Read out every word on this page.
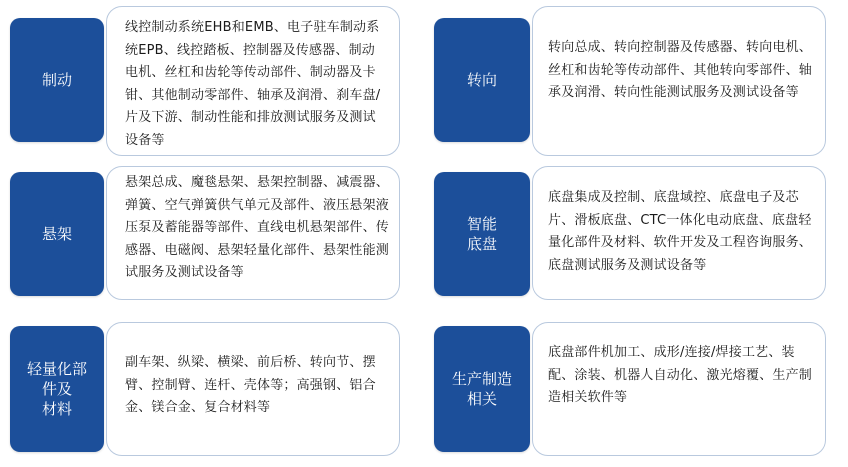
制动
线控制动系统EHB和EMB、电子驻车制动系统EPB、线控踏板、控制器及传感器、制动电机、丝杠和齿轮等传动部件、制动器及卡钳、其他制动零部件、轴承及润滑、刹车盘/片及下游、制动性能和排放测试服务及测试设备等
转向
转向总成、转向控制器及传感器、转向电机、丝杠和齿轮等传动部件、其他转向零部件、轴承及润滑、转向性能测试服务及测试设备等
悬架
悬架总成、魔毯悬架、悬架控制器、减震器、弹簧、空气弹簧供气单元及部件、液压悬架液压泵及蓄能器等部件、直线电机悬架部件、传感器、电磁阀、悬架轻量化部件、悬架性能测试服务及测试设备等
智能
底盘
底盘集成及控制、底盘域控、底盘电子及芯片、滑板底盘、CTC一体化电动底盘、底盘轻量化部件及材料、软件开发及工程咨询服务、底盘测试服务及测试设备等
轻量化部
件及
材料
副车架、纵梁、横梁、前后桥、转向节、摆臂、控制臂、连杆、壳体等；高强钢、铝合金、镁合金、复合材料等
生产制造
相关
底盘部件机加工、成形/连接/焊接工艺、装配、涂装、机器人自动化、激光熔覆、生产制造相关软件等
